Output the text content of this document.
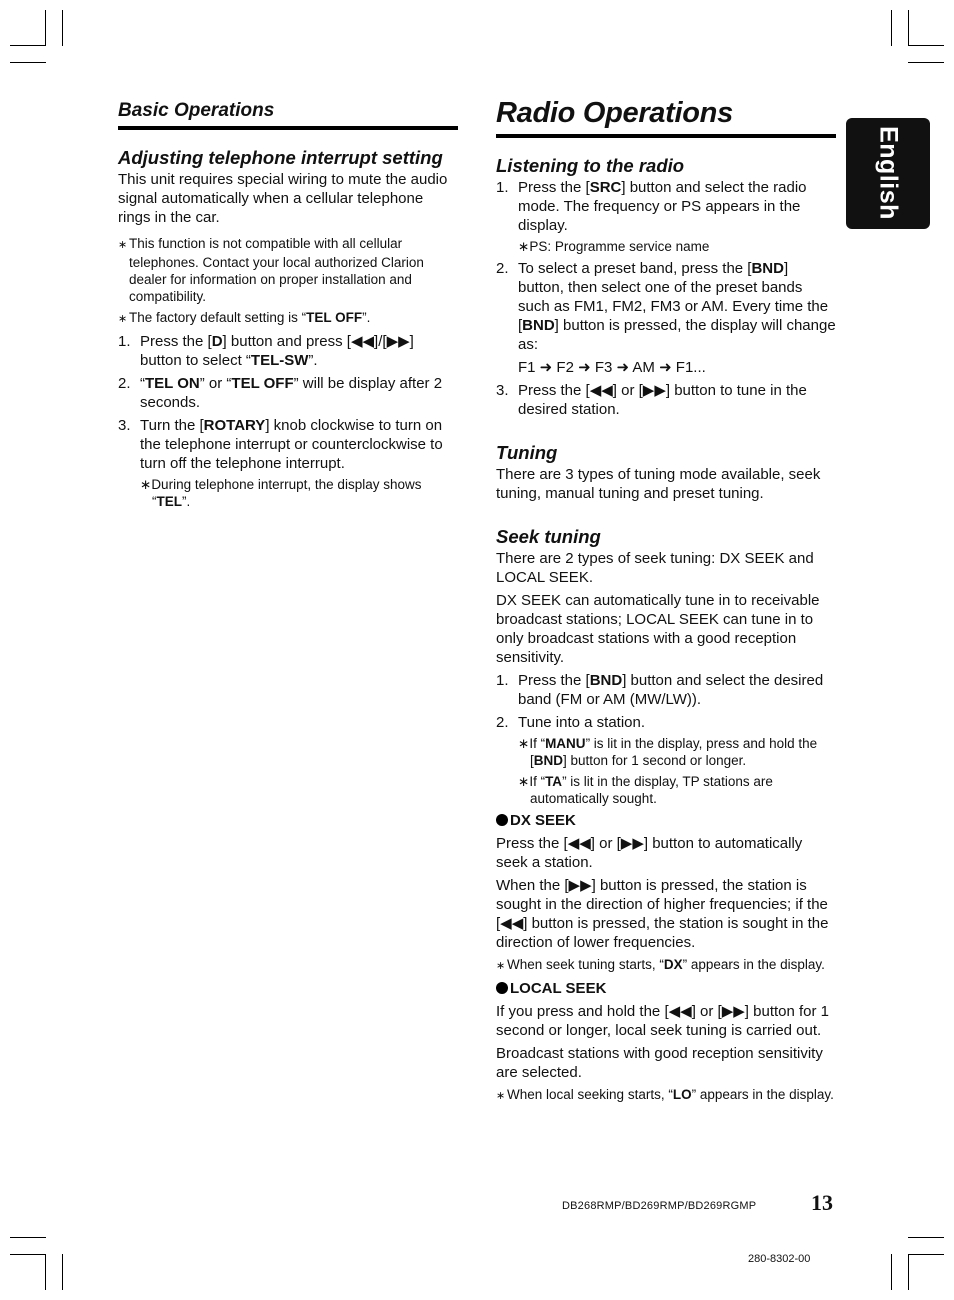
Basic Operations
Adjusting telephone interrupt setting

This unit requires special wiring to mute the audio signal automatically when a cellular telephone rings in the car.

∗ This function is not compatible with all cellular telephones. Contact your local authorized Clarion dealer for information on proper installation and compatibility.
∗ The factory default setting is “TEL OFF”.
1. Press the [D] button and press [◀◀]/[▶▶] button to select “TEL-SW”.
2. “TEL ON” or “TEL OFF” will be display after 2 seconds.
3. Turn the [ROTARY] knob clockwise to turn on the telephone interrupt or counterclockwise to turn off the telephone interrupt.
∗During telephone interrupt, the display shows “TEL”.
Radio Operations
Listening to the radio
1. Press the [SRC] button and select the radio mode. The frequency or PS appears in the display.
∗PS: Programme service name
2. To select a preset band, press the [BND] button, then select one of the preset bands such as FM1, FM2, FM3 or AM. Every time the [BND] button is pressed, the display will change as:
F1 ➜ F2 ➜ F3 ➜ AM ➜ F1...
3. Press the [◀◀] or [▶▶] button to tune in the desired station.
Tuning

There are 3 types of tuning mode available, seek tuning, manual tuning and preset tuning.

Seek tuning

There are 2 types of seek tuning: DX SEEK and LOCAL SEEK.

DX SEEK can automatically tune in to receivable broadcast stations; LOCAL SEEK can tune in to only broadcast stations with a good reception sensitivity.

1. Press the [BND] button and select the desired band (FM or AM (MW/LW)).
2. Tune into a station.
∗If “MANU” is lit in the display, press and hold the [BND] button for 1 second or longer.
∗If “TA” is lit in the display, TP stations are automatically sought.
DX SEEK

Press the [◀◀] or [▶▶] button to automatically seek a station.

When the [▶▶] button is pressed, the station is sought in the direction of higher frequencies; if the [◀◀] button is pressed, the station is sought in the direction of lower frequencies.

∗ When seek tuning starts, “DX” appears in the display.
LOCAL SEEK

If you press and hold the [◀◀] or [▶▶] button for 1 second or longer, local seek tuning is carried out.

Broadcast stations with good reception sensitivity are selected.

∗ When local seeking starts, “LO” appears in the display.
English
DB268RMP/BD269RMP/BD269RGMP 13
280-8302-00
